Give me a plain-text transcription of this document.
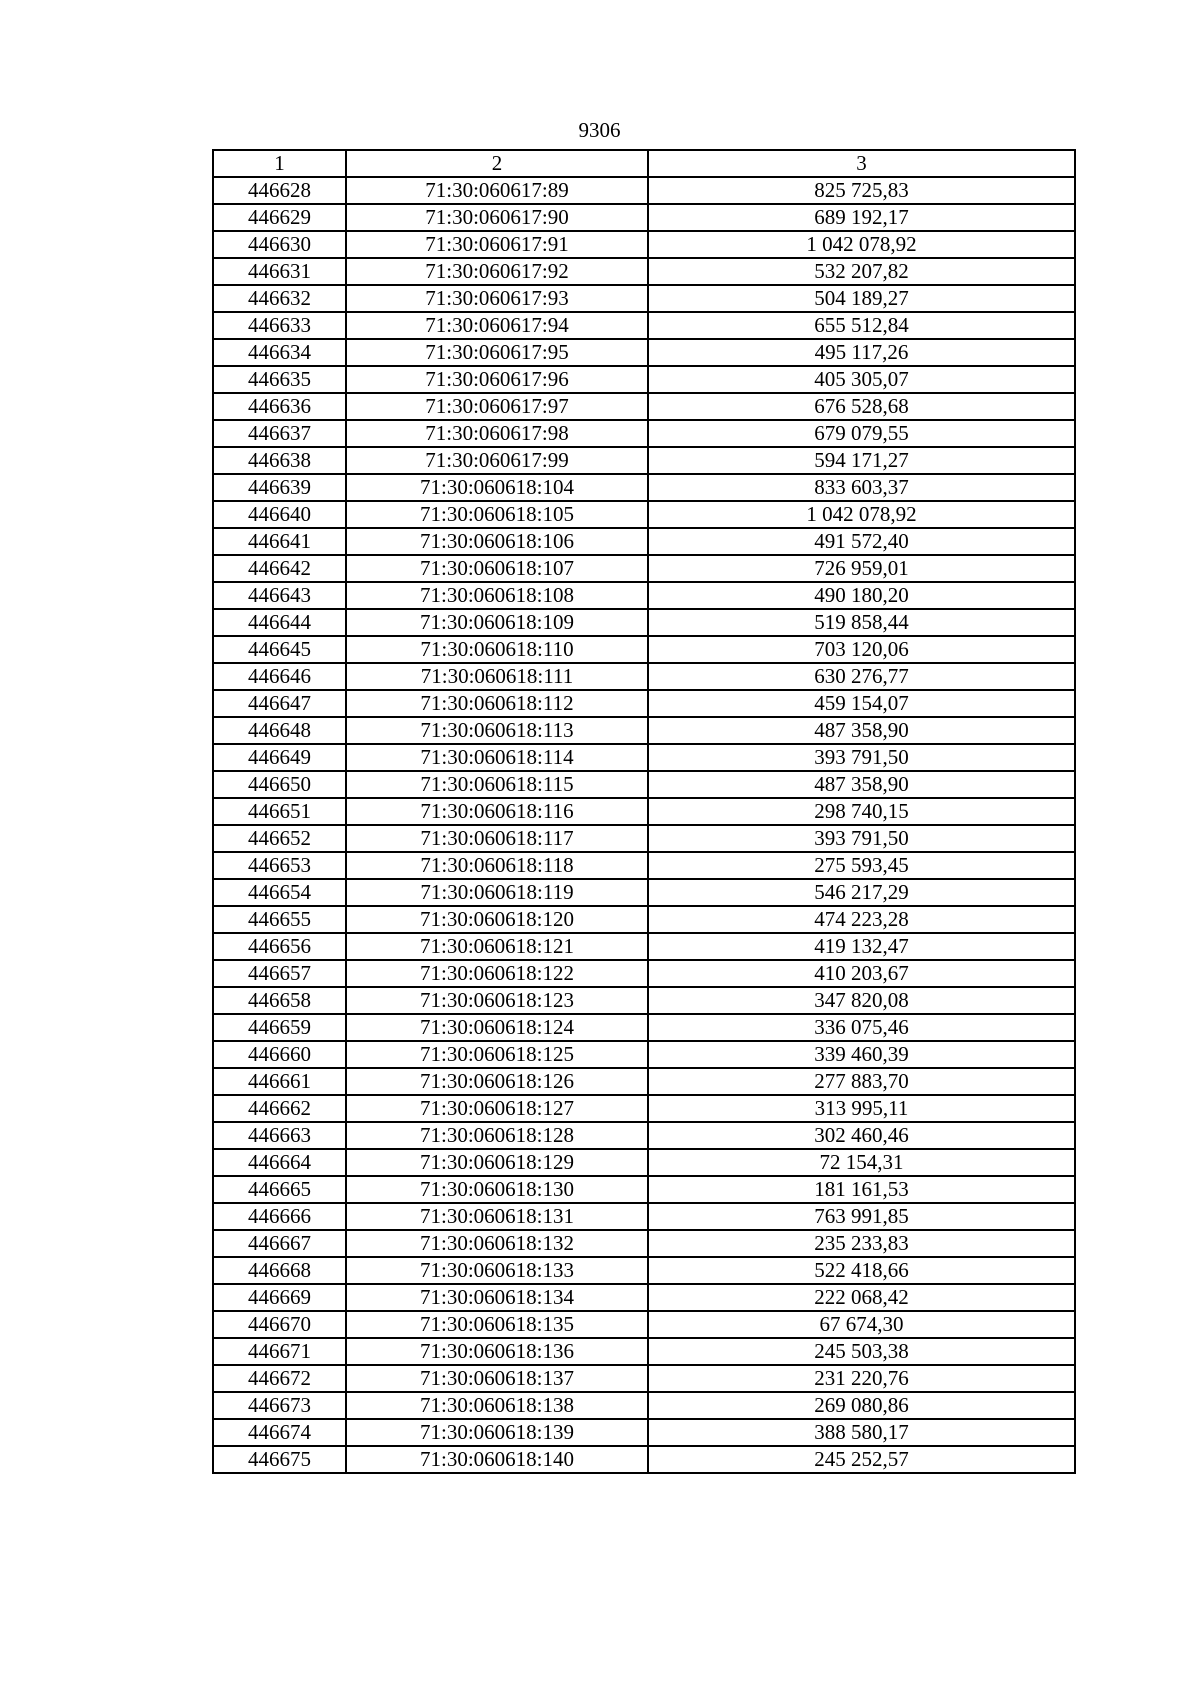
9306
1	2	3
446628	71:30:060617:89	825 725,83
446629	71:30:060617:90	689 192,17
446630	71:30:060617:91	1 042 078,92
446631	71:30:060617:92	532 207,82
446632	71:30:060617:93	504 189,27
446633	71:30:060617:94	655 512,84
446634	71:30:060617:95	495 117,26
446635	71:30:060617:96	405 305,07
446636	71:30:060617:97	676 528,68
446637	71:30:060617:98	679 079,55
446638	71:30:060617:99	594 171,27
446639	71:30:060618:104	833 603,37
446640	71:30:060618:105	1 042 078,92
446641	71:30:060618:106	491 572,40
446642	71:30:060618:107	726 959,01
446643	71:30:060618:108	490 180,20
446644	71:30:060618:109	519 858,44
446645	71:30:060618:110	703 120,06
446646	71:30:060618:111	630 276,77
446647	71:30:060618:112	459 154,07
446648	71:30:060618:113	487 358,90
446649	71:30:060618:114	393 791,50
446650	71:30:060618:115	487 358,90
446651	71:30:060618:116	298 740,15
446652	71:30:060618:117	393 791,50
446653	71:30:060618:118	275 593,45
446654	71:30:060618:119	546 217,29
446655	71:30:060618:120	474 223,28
446656	71:30:060618:121	419 132,47
446657	71:30:060618:122	410 203,67
446658	71:30:060618:123	347 820,08
446659	71:30:060618:124	336 075,46
446660	71:30:060618:125	339 460,39
446661	71:30:060618:126	277 883,70
446662	71:30:060618:127	313 995,11
446663	71:30:060618:128	302 460,46
446664	71:30:060618:129	72 154,31
446665	71:30:060618:130	181 161,53
446666	71:30:060618:131	763 991,85
446667	71:30:060618:132	235 233,83
446668	71:30:060618:133	522 418,66
446669	71:30:060618:134	222 068,42
446670	71:30:060618:135	67 674,30
446671	71:30:060618:136	245 503,38
446672	71:30:060618:137	231 220,76
446673	71:30:060618:138	269 080,86
446674	71:30:060618:139	388 580,17
446675	71:30:060618:140	245 252,57
